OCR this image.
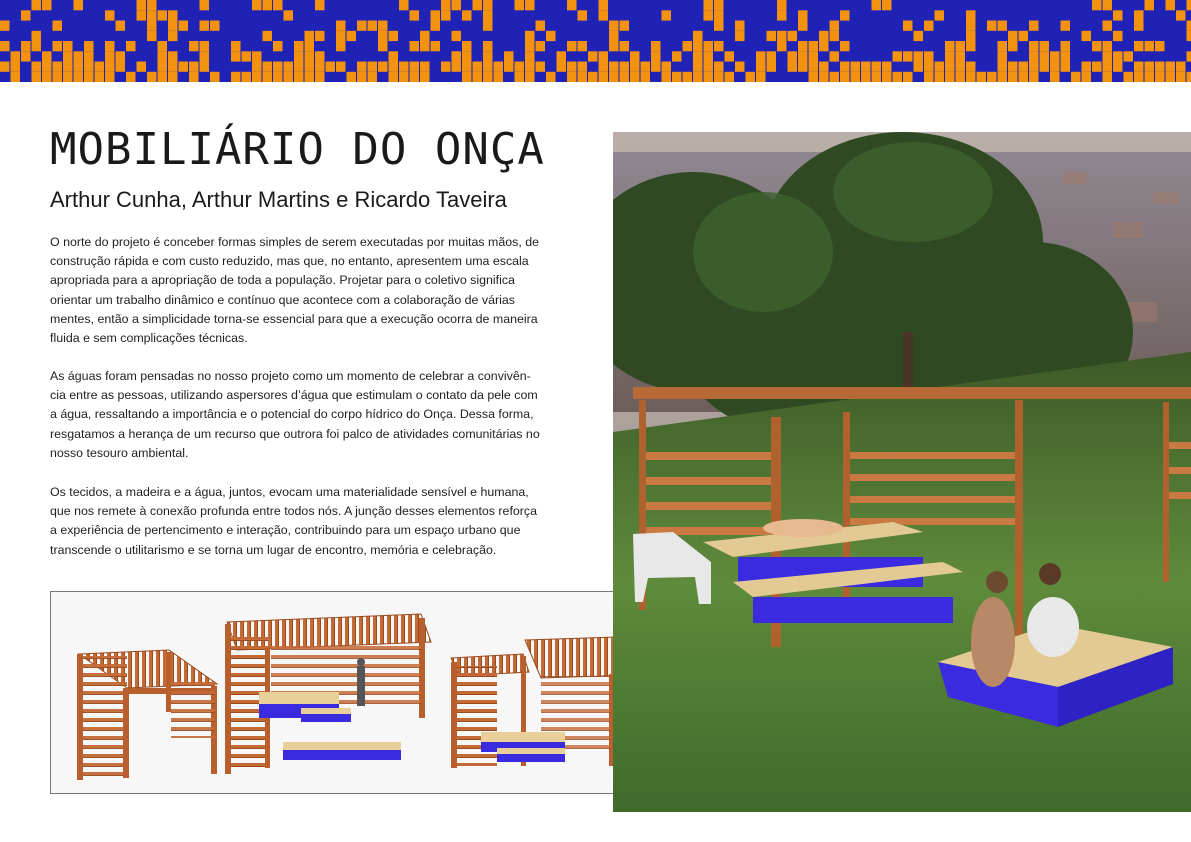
MOBILIÁRIO DO ONÇA
Arthur Cunha, Arthur Martins e Ricardo Taveira

O norte do projeto é conceber formas simples de serem executadas por muitas mãos, de
construção rápida e com custo reduzido, mas que, no entanto, apresentem uma escala
apropriada para a apropriação de toda a população. Projetar para o coletivo significa
orientar um trabalho dinâmico e contínuo que acontece com a colaboração de várias
mentes, então a simplicidade torna-se essencial para que a execução ocorra de maneira
fluida e sem complicações técnicas.

As águas foram pensadas no nosso projeto como um momento de celebrar a convivên-
cia entre as pessoas, utilizando aspersores d’água que estimulam o contato da pele com
a água, ressaltando a importância e o potencial do corpo hídrico do Onça. Dessa forma,
resgatamos a herança de um recurso que outrora foi palco de atividades comunitárias no
nosso tesouro ambiental.

Os tecidos, a madeira e a água, juntos, evocam uma materialidade sensível e humana,
que nos remete à conexão profunda entre todos nós. A junção desses elementos reforça
a experiência de pertencimento e interação, contribuindo para um espaço urbano que
transcende o utilitarismo e se torna um lugar de encontro, memória e celebração.
